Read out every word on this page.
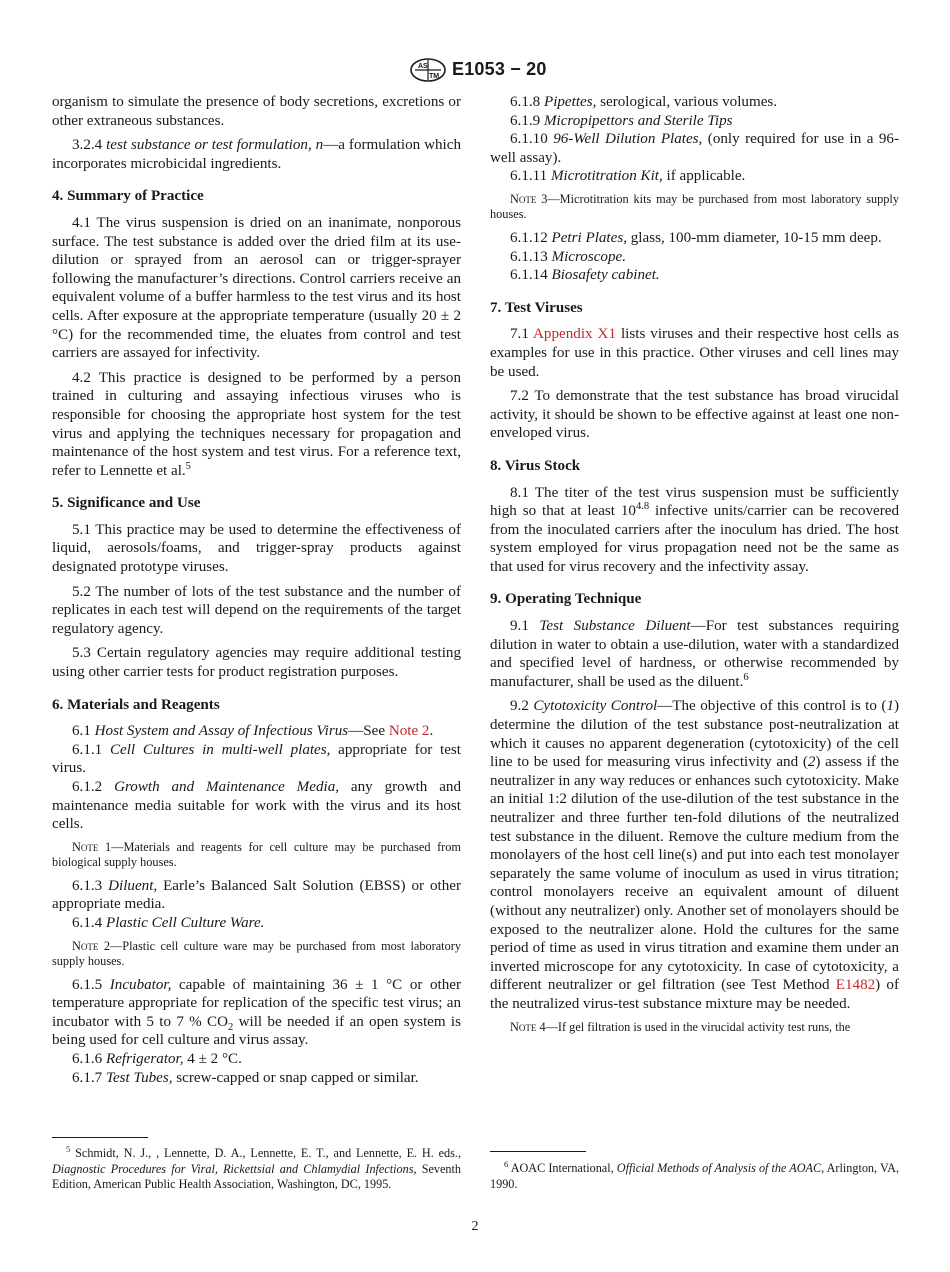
AS
TM E1053 − 20

organism to simulate the presence of body secretions, excretions or other extraneous substances.

3.2.4 test substance or test formulation, n—a formulation which incorporates microbicidal ingredients.

4. Summary of Practice

4.1 The virus suspension is dried on an inanimate, nonporous surface. The test substance is added over the dried film at its use-dilution or sprayed from an aerosol can or trigger-sprayer following the manufacturer’s directions. Control carriers receive an equivalent volume of a buffer harmless to the test virus and its host cells. After exposure at the appropriate temperature (usually 20 ± 2 °C) for the recommended time, the eluates from control and test carriers are assayed for infectivity.

4.2 This practice is designed to be performed by a person trained in culturing and assaying infectious viruses who is responsible for choosing the appropriate host system for the test virus and applying the techniques necessary for propagation and maintenance of the host system and test virus. For a reference text, refer to Lennette et al.$^5$

5. Significance and Use

5.1 This practice may be used to determine the effectiveness of liquid, aerosols/foams, and trigger-spray products against designated prototype viruses.

5.2 The number of lots of the test substance and the number of replicates in each test will depend on the requirements of the target regulatory agency.

5.3 Certain regulatory agencies may require additional testing using other carrier tests for product registration purposes.

6. Materials and Reagents

6.1 Host System and Assay of Infectious Virus—See Note 2.

6.1.1 Cell Cultures in multi-well plates, appropriate for test virus.

6.1.2 Growth and Maintenance Media, any growth and maintenance media suitable for work with the virus and its host cells.

Note 1—Materials and reagents for cell culture may be purchased from biological supply houses.

6.1.3 Diluent, Earle’s Balanced Salt Solution (EBSS) or other appropriate media.

6.1.4 Plastic Cell Culture Ware.

Note 2—Plastic cell culture ware may be purchased from most laboratory supply houses.

6.1.5 Incubator, capable of maintaining 36 ± 1 °C or other temperature appropriate for replication of the specific test virus; an incubator with 5 to 7 % $CO_2$ will be needed if an open system is being used for cell culture and virus assay.

6.1.6 Refrigerator, 4 ± 2 °C.

6.1.7 Test Tubes, screw-capped or snap capped or similar.

6.1.8 Pipettes, serological, various volumes.

6.1.9 Micropipettors and Sterile Tips

6.1.10 96-Well Dilution Plates, (only required for use in a 96-well assay).

6.1.11 Microtitration Kit, if applicable.

Note 3—Microtitration kits may be purchased from most laboratory supply houses.

6.1.12 Petri Plates, glass, 100-mm diameter, 10-15 mm deep.

6.1.13 Microscope.

6.1.14 Biosafety cabinet.

7. Test Viruses

7.1 Appendix X1 lists viruses and their respective host cells as examples for use in this practice. Other viruses and cell lines may be used.

7.2 To demonstrate that the test substance has broad virucidal activity, it should be shown to be effective against at least one non-enveloped virus.

8. Virus Stock

8.1 The titer of the test virus suspension must be sufficiently high so that at least $10^{4.8}$ infective units/carrier can be recovered from the inoculated carriers after the inoculum has dried. The host system employed for virus propagation need not be the same as that used for virus recovery and the infectivity assay.

9. Operating Technique

9.1 Test Substance Diluent—For test substances requiring dilution in water to obtain a use-dilution, water with a standardized and specified level of hardness, or otherwise recommended by manufacturer, shall be used as the diluent.$^6$

9.2 Cytotoxicity Control—The objective of this control is to (1) determine the dilution of the test substance post-neutralization at which it causes no apparent degeneration (cytotoxicity) of the cell line to be used for measuring virus infectivity and (2) assess if the neutralizer in any way reduces or enhances such cytotoxicity. Make an initial 1:2 dilution of the use-dilution of the test substance in the neutralizer and three further ten-fold dilutions of the neutralized test substance in the diluent. Remove the culture medium from the monolayers of the host cell line(s) and put into each test monolayer separately the same volume of inoculum as used in virus titration; control monolayers receive an equivalent amount of diluent (without any neutralizer) only. Another set of monolayers should be exposed to the neutralizer alone. Hold the cultures for the same period of time as used in virus titration and examine them under an inverted microscope for any cytotoxicity. In case of cytotoxicity, a different neutralizer or gel filtration (see Test Method E1482) of the neutralized virus-test substance mixture may be needed.

Note 4—If gel filtration is used in the virucidal activity test runs, the

$^5$ Schmidt, N. J., , Lennette, D. A., Lennette, E. T., and Lennette, E. H. eds., Diagnostic Procedures for Viral, Rickettsial and Chlamydial Infections, Seventh Edition, American Public Health Association, Washington, DC, 1995.

$^6$ AOAC International, Official Methods of Analysis of the AOAC, Arlington, VA, 1990.

2
